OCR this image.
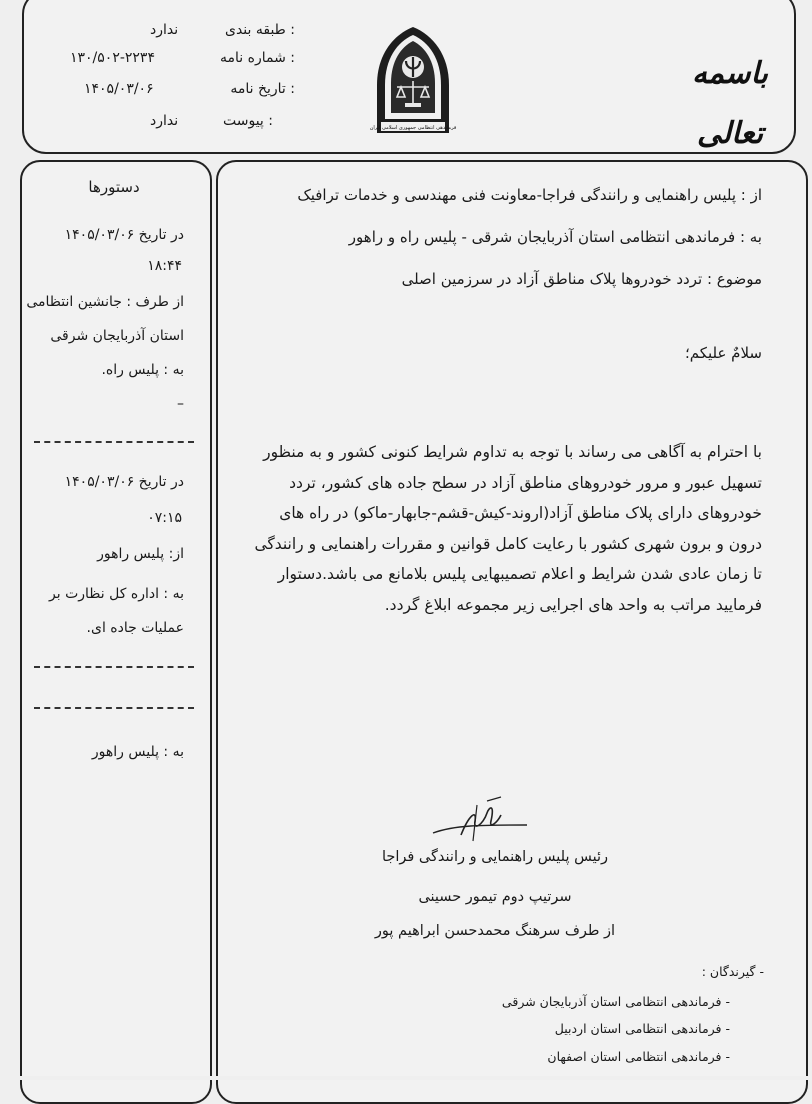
باسمه تعالی
فرماندهی انتظامی جمهوری اسلامی ایران
طبقه بندی :
ندارد
شماره نامه :
۱۳۰/۵۰۲-۲۲۳۴
تاریخ نامه :
۱۴۰۵/۰۳/۰۶
پیوست :
ندارد
دستورها
در تاریخ ۱۴۰۵/۰۳/۰۶
۱۸:۴۴
از طرف : جانشین انتظامی
استان آذربایجان شرقی
به : پلیس راه.
–
در تاریخ ۱۴۰۵/۰۳/۰۶
۰۷:۱۵
از: پلیس راهور
به : اداره کل نظارت بر
عملیات جاده ای.
به : پلیس راهور
از : پلیس راهنمایی و رانندگی فراجا-معاونت فنی مهندسی و خدمات ترافیک
به : فرماندهی انتظامی استان آذربایجان شرقی - پلیس راه و راهور
موضوع : تردد خودروها پلاک مناطق آزاد در سرزمین اصلی
سلامٌ علیکم؛
با احترام به آگاهی می رساند با توجه به تداوم شرایط کنونی کشور و به منظور
تسهیل عبور و مرور خودروهای مناطق آزاد در سطح جاده های کشور، تردد
خودروهای دارای پلاک مناطق آزاد(اروند-کیش-قشم-جابهار-ماکو) در راه های
درون و برون شهری کشور با رعایت کامل قوانین و مقررات راهنمایی و رانندگی
تا زمان عادی شدن شرایط و اعلام تصمیبهایی پلیس بلامانع می باشد.دستوار
فرمایید مراتب به واحد های اجرایی زیر مجموعه ابلاغ گردد.
رئیس پلیس راهنمایی و رانندگی فراجا
سرتیپ دوم تیمور حسینی
از طرف سرهنگ محمدحسن ابراهیم پور
- گیرندگان :
- فرماندهی انتظامی استان آذربایجان شرقی
- فرماندهی انتظامی استان اردبیل
- فرماندهی انتظامی استان اصفهان
